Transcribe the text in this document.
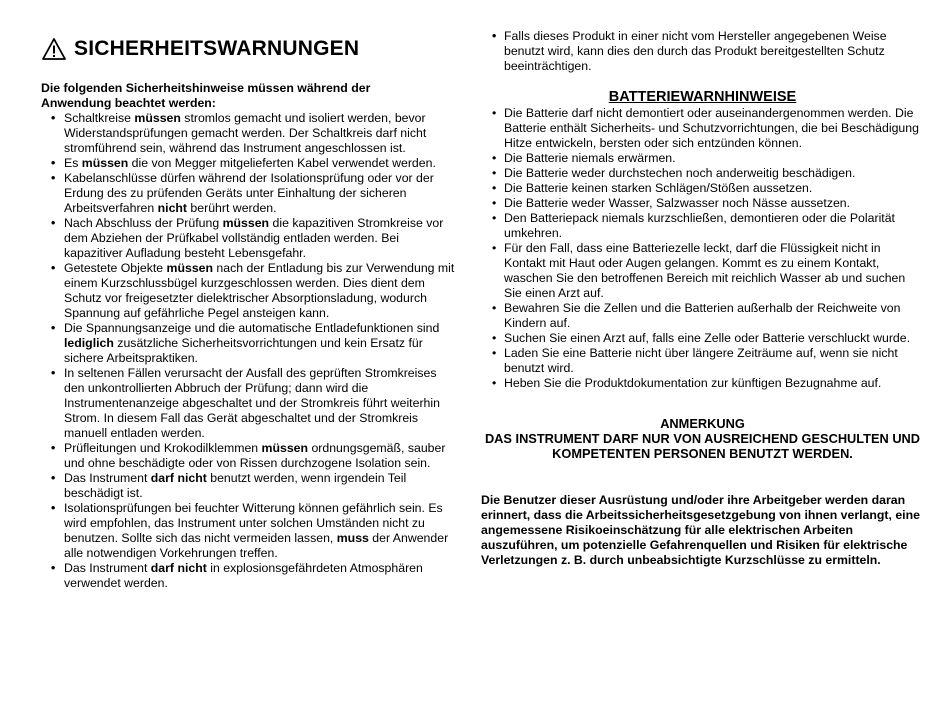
SICHERHEITSWARNUNGEN
Die folgenden Sicherheitshinweise müssen während der Anwendung beachtet werden:
• Schaltkreise müssen stromlos gemacht und isoliert werden, bevor Widerstandsprüfungen gemacht werden. Der Schaltkreis darf nicht stromführend sein, während das Instrument angeschlossen ist.
• Es müssen die von Megger mitgelieferten Kabel verwendet werden.
• Kabelanschlüsse dürfen während der Isolationsprüfung oder vor der Erdung des zu prüfenden Geräts unter Einhaltung der sicheren Arbeitsverfahren nicht berührt werden.
• Nach Abschluss der Prüfung müssen die kapazitiven Stromkreise vor dem Abziehen der Prüfkabel vollständig entladen werden. Bei kapazitiver Aufladung besteht Lebensgefahr.
• Getestete Objekte müssen nach der Entladung bis zur Verwendung mit einem Kurzschlussbügel kurzgeschlossen werden. Dies dient dem Schutz vor freigesetzter dielektrischer Absorptionsladung, wodurch Spannung auf gefährliche Pegel ansteigen kann.
• Die Spannungsanzeige und die automatische Entladefunktionen sind lediglich zusätzliche Sicherheitsvorrichtungen und kein Ersatz für sichere Arbeitspraktiken.
• In seltenen Fällen verursacht der Ausfall des geprüften Stromkreises den unkontrollierten Abbruch der Prüfung; dann wird die Instrumentenanzeige abgeschaltet und der Stromkreis führt weiterhin Strom. In diesem Fall das Gerät abgeschaltet und der Stromkreis manuell entladen werden.
• Prüfleitungen und Krokodilklemmen müssen ordnungsgemäß, sauber und ohne beschädigte oder von Rissen durchzogene Isolation sein.
• Das Instrument darf nicht benutzt werden, wenn irgendein Teil beschädigt ist.
• Isolationsprüfungen bei feuchter Witterung können gefährlich sein. Es wird empfohlen, das Instrument unter solchen Umständen nicht zu benutzen. Sollte sich das nicht vermeiden lassen, muss der Anwender alle notwendigen Vorkehrungen treffen.
• Das Instrument darf nicht in explosionsgefährdeten Atmosphären verwendet werden.
• Falls dieses Produkt in einer nicht vom Hersteller angegebenen Weise benutzt wird, kann dies den durch das Produkt bereitgestellten Schutz beeinträchtigen.
BATTERIEWARNHINWEISE
• Die Batterie darf nicht demontiert oder auseinandergenommen werden. Die Batterie enthält Sicherheits- und Schutzvorrichtungen, die bei Beschädigung Hitze entwickeln, bersten oder sich entzünden können.
• Die Batterie niemals erwärmen.
• Die Batterie weder durchstechen noch anderweitig beschädigen.
• Die Batterie keinen starken Schlägen/Stößen aussetzen.
• Die Batterie weder Wasser, Salzwasser noch Nässe aussetzen.
• Den Batteriepack niemals kurzschließen, demontieren oder die Polarität umkehren.
• Für den Fall, dass eine Batteriezelle leckt, darf die Flüssigkeit nicht in Kontakt mit Haut oder Augen gelangen. Kommt es zu einem Kontakt, waschen Sie den betroffenen Bereich mit reichlich Wasser ab und suchen Sie einen Arzt auf.
• Bewahren Sie die Zellen und die Batterien außerhalb der Reichweite von Kindern auf.
• Suchen Sie einen Arzt auf, falls eine Zelle oder Batterie verschluckt wurde.
• Laden Sie eine Batterie nicht über längere Zeiträume auf, wenn sie nicht benutzt wird.
• Heben Sie die Produktdokumentation zur künftigen Bezugnahme auf.
ANMERKUNG
DAS INSTRUMENT DARF NUR VON AUSREICHEND GESCHULTEN UND KOMPETENTEN PERSONEN BENUTZT WERDEN.
Die Benutzer dieser Ausrüstung und/oder ihre Arbeitgeber werden daran erinnert, dass die Arbeitssicherheitsgesetzgebung von ihnen verlangt, eine angemessene Risikoeinschätzung für alle elektrischen Arbeiten auszuführen, um potenzielle Gefahrenquellen und Risiken für elektrische Verletzungen z. B. durch unbeabsichtigte Kurzschlüsse zu ermitteln.
